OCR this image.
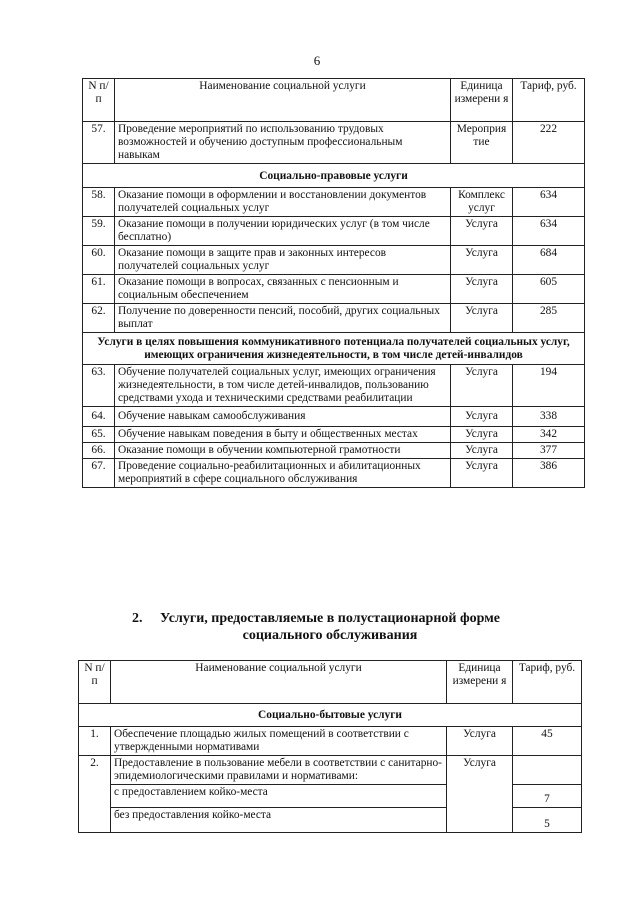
6
N п/п	Наименование социальной услуги	Единица измерени я	Тариф, руб.
57.	Проведение мероприятий по использованию трудовых возможностей и обучению доступным профессиональным навыкам	Мероприя тие	222
Социально-правовые услуги			
58.	Оказание помощи в оформлении и восстановлении документов получателей социальных услуг	Комплекс услуг	634
59.	Оказание помощи в получении юридических услуг (в том числе бесплатно)	Услуга	634
60.	Оказание помощи в защите прав и законных интересов получателей социальных услуг	Услуга	684
61.	Оказание помощи в вопросах, связанных с пенсионным и социальным обеспечением	Услуга	605
62.	Получение по доверенности пенсий, пособий, других социальных выплат	Услуга	285
Услуги в целях повышения коммуникативного потенциала получателей социальных услуг, имеющих ограничения жизнедеятельности, в том числе детей-инвалидов			
63.	Обучение получателей социальных услуг, имеющих ограничения жизнедеятельности, в том числе детей-инвалидов, пользованию средствами ухода и техническими средствами реабилитации	Услуга	194
64.	Обучение навыкам самообслуживания	Услуга	338
65.	Обучение навыкам поведения в быту и общественных местах	Услуга	342
66.	Оказание помощи в обучении компьютерной грамотности	Услуга	377
67.	Проведение социально-реабилитационных и абилитационных мероприятий в сфере социального обслуживания	Услуга	386
2.	Услуги, предоставляемые в полустационарной форме
социального обслуживания
N п/п	Наименование социальной услуги	Единица измерени я	Тариф, руб.
Социально-бытовые услуги			
1.	Обеспечение площадью жилых помещений в соответствии с утвержденными нормативами	Услуга	45
2.	Предоставление в пользование мебели в соответствии с санитарно-эпидемиологическими правилами и нормативами:	Услуга	
	с предоставлением койко-места		7
	без предоставления койко-места		5
